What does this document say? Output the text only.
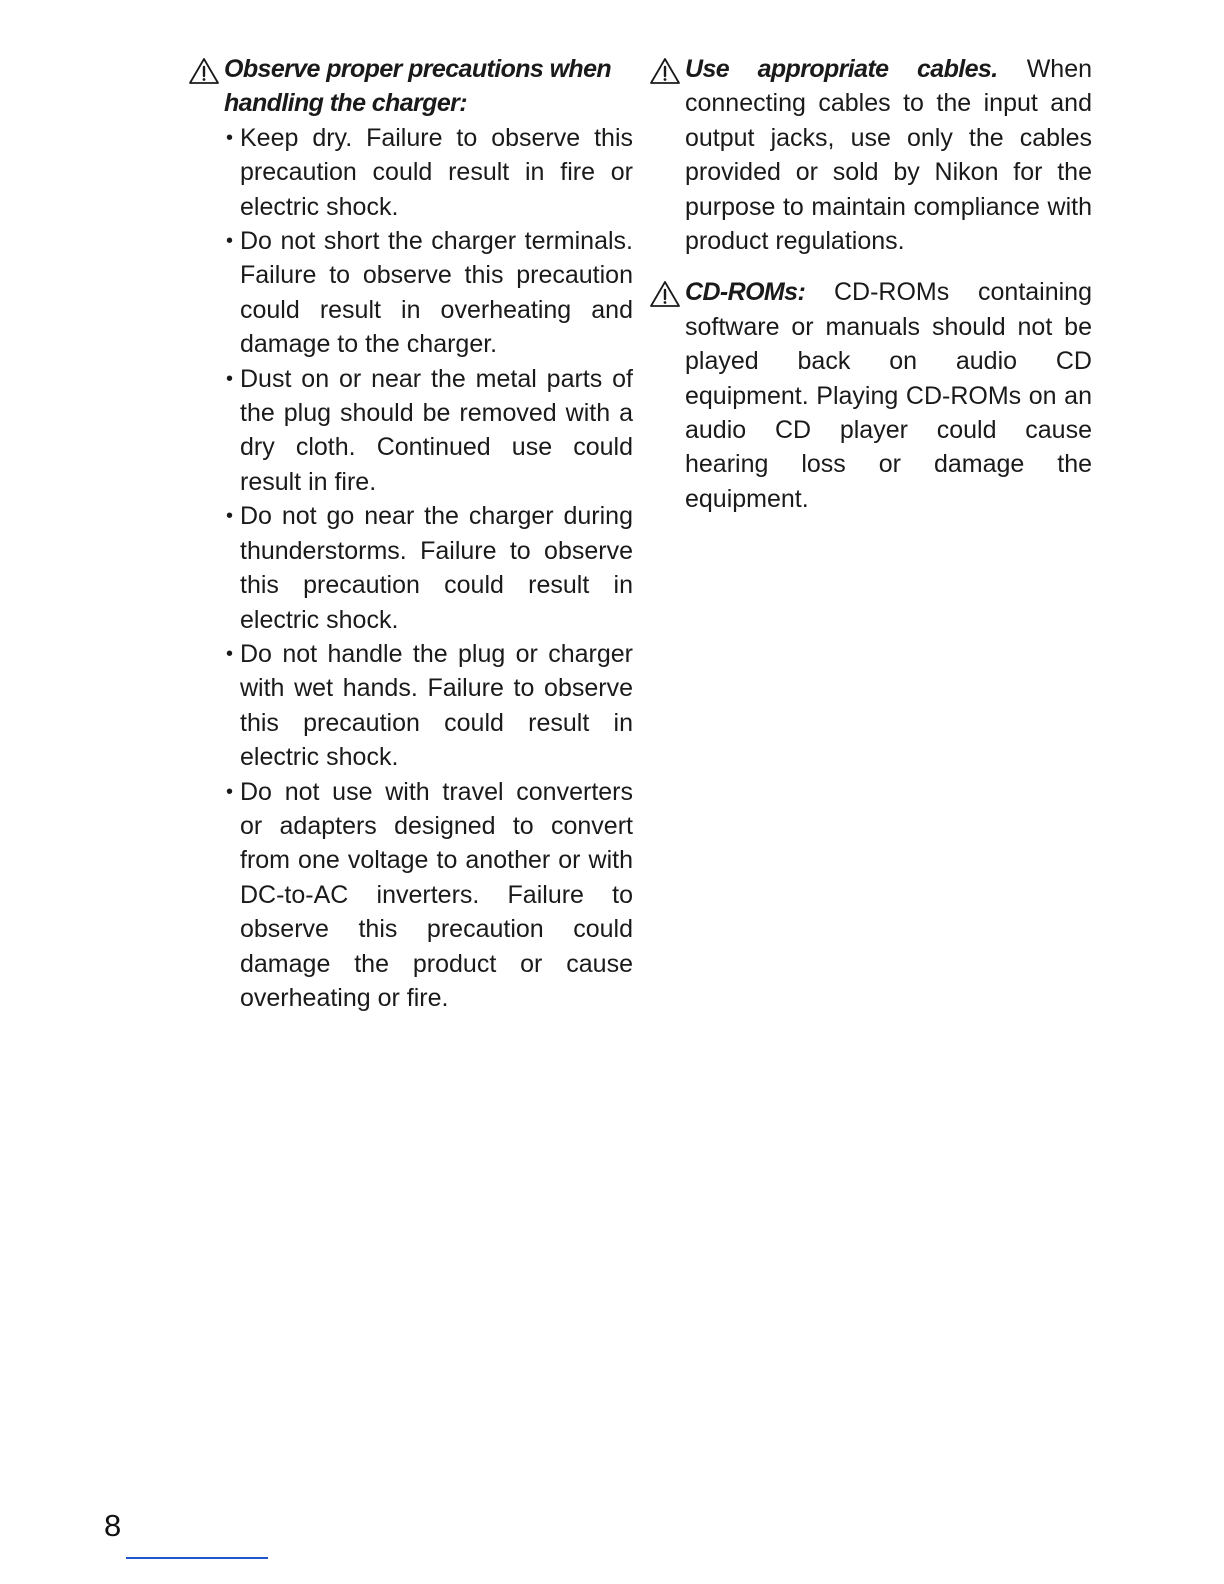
Observe proper precautions when handling the charger:
• Keep dry. Failure to observe this precaution could result in fire or electric shock.
• Do not short the charger terminals. Failure to observe this precaution could result in overheating and damage to the charger.
• Dust on or near the metal parts of the plug should be removed with a dry cloth. Continued use could result in fire.
• Do not go near the charger during thunderstorms. Failure to observe this precaution could result in electric shock.
• Do not handle the plug or charger with wet hands. Failure to observe this precaution could result in electric shock.
• Do not use with travel converters or adapters designed to convert from one voltage to another or with DC-to-AC inverters. Failure to observe this precaution could damage the product or cause overheating or fire.
Use appropriate cables. When connecting cables to the input and output jacks, use only the cables provided or sold by Nikon for the purpose to maintain compliance with product regulations.
CD-ROMs: CD-ROMs containing software or manuals should not be played back on audio CD equipment. Playing CD-ROMs on an audio CD player could cause hearing loss or damage the equipment.
8
